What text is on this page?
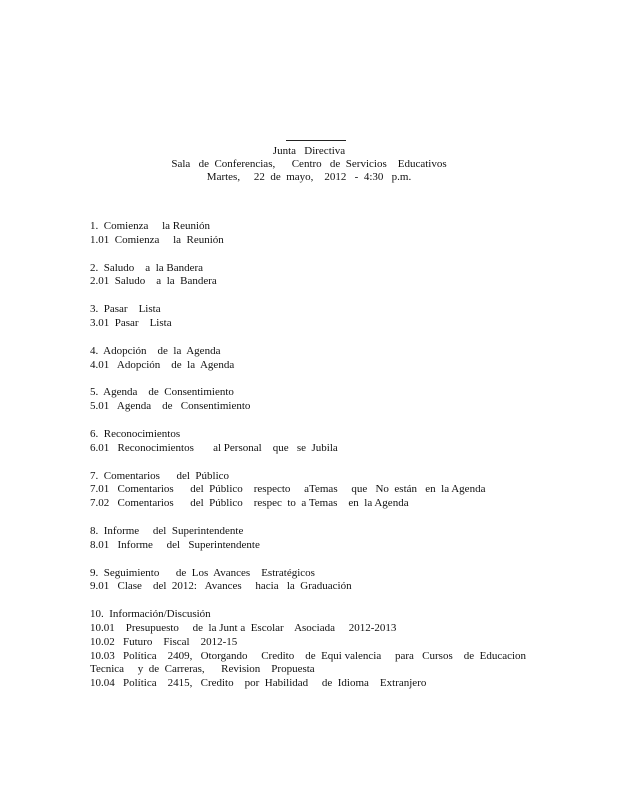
Junta   Directiva
Sala   de  Conferencias,      Centro   de  Servicios    Educativos
Martes,     22  de  mayo,    2012   -  4:30   p.m.
1.  Comienza     la Reunión
1.01  Comienza     la  Reunión
2.  Saludo    a  la Bandera
2.01  Saludo    a  la  Bandera
3.  Pasar    Lista
3.01  Pasar    Lista
4.  Adopción    de  la  Agenda
4.01   Adopción    de  la  Agenda
5.  Agenda    de  Consentimiento
5.01   Agenda    de   Consentimiento
6.  Reconocimientos
6.01   Reconocimientos       al Personal    que   se  Jubila
7.  Comentarios      del  Público
7.01   Comentarios      del  Público    respecto     aTemas     que   No  están   en  la Agenda
7.02   Comentarios      del  Público    respec  to  a Temas    en  la Agenda
8.  Informe     del  Superintendente
8.01   Informe     del   Superintendente
9.  Seguimiento      de  Los  Avances    Estratégicos
9.01   Clase    del  2012:   Avances     hacia   la  Graduación
10.  Información/Discusión
10.01    Presupuesto     de  la Junt a  Escolar    Asociada     2012-2013
10.02   Futuro    Fiscal    2012-15
10.03   Política    2409,   Otorgando     Credito    de  Equi valencia     para   Cursos    de  Educacion
Tecnica     y  de  Carreras,      Revision    Propuesta
10.04   Política    2415,   Credito    por  Habilidad     de  Idioma    Extranjero
